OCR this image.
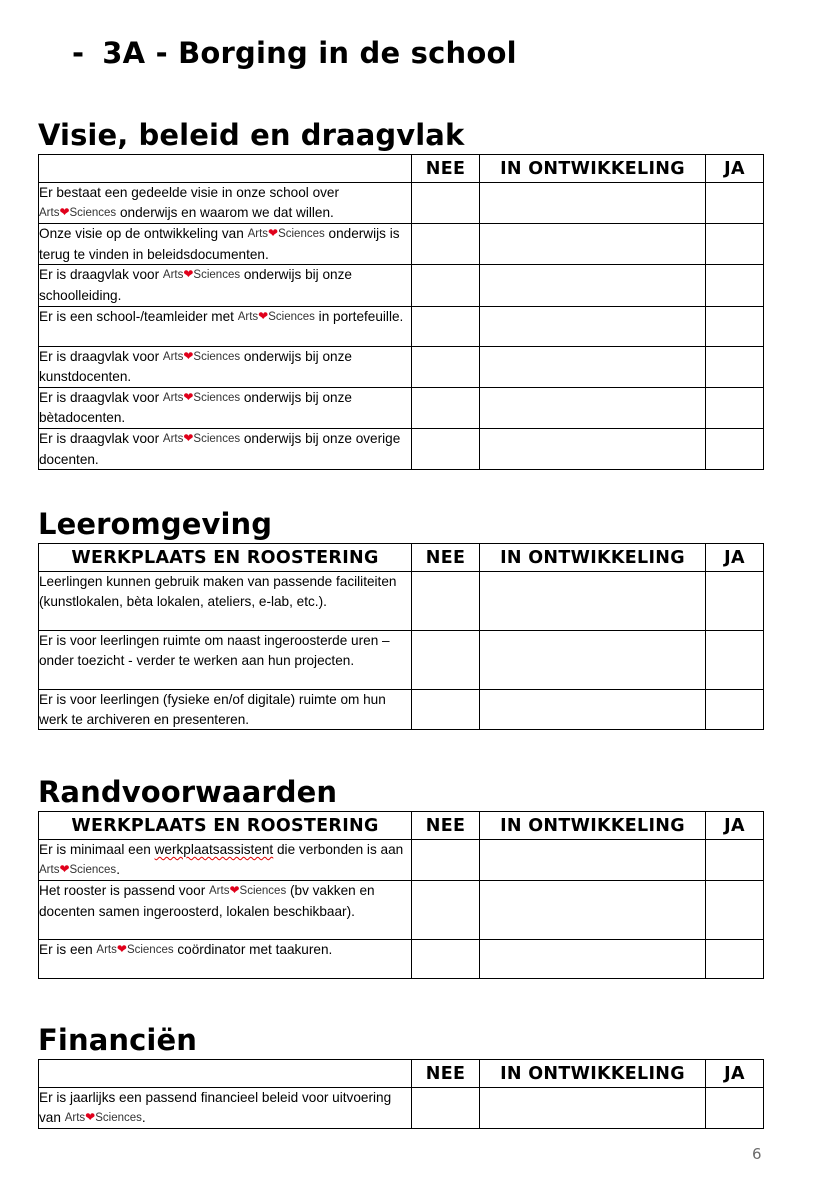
- 3A - Borging in de school
Visie, beleid en draagvlak
	NEE	IN ONTWIKKELING	JA
Er bestaat een gedeelde visie in onze school over Arts❤Sciences onderwijs en waarom we dat willen.			
Onze visie op de ontwikkeling van Arts❤Sciences onderwijs is terug te vinden in beleidsdocumenten.			
Er is draagvlak voor Arts❤Sciences onderwijs bij onze schoolleiding.			
Er is een school-/teamleider met Arts❤Sciences in portefeuille.			
Er is draagvlak voor Arts❤Sciences onderwijs bij onze kunstdocenten.			
Er is draagvlak voor Arts❤Sciences onderwijs bij onze bètadocenten.			
Er is draagvlak voor Arts❤Sciences onderwijs bij onze overige docenten.			
Leeromgeving
WERKPLAATS EN ROOSTERING	NEE	IN ONTWIKKELING	JA
Leerlingen kunnen gebruik maken van passende faciliteiten (kunstlokalen, bèta lokalen, ateliers, e-lab, etc.).			
Er is voor leerlingen ruimte om naast ingeroosterde uren – onder toezicht - verder te werken aan hun projecten.			
Er is voor leerlingen (fysieke en/of digitale) ruimte om hun werk te archiveren en presenteren.			
Randvoorwaarden
WERKPLAATS EN ROOSTERING	NEE	IN ONTWIKKELING	JA
Er is minimaal een werkplaatsassistent die verbonden is aan Arts❤Sciences.			
Het rooster is passend voor Arts❤Sciences (bv vakken en docenten samen ingeroosterd, lokalen beschikbaar).			
Er is een Arts❤Sciences coördinator met taakuren.			
Financiën
	NEE	IN ONTWIKKELING	JA
Er is jaarlijks een passend financieel beleid voor uitvoering van Arts❤Sciences.			
6
